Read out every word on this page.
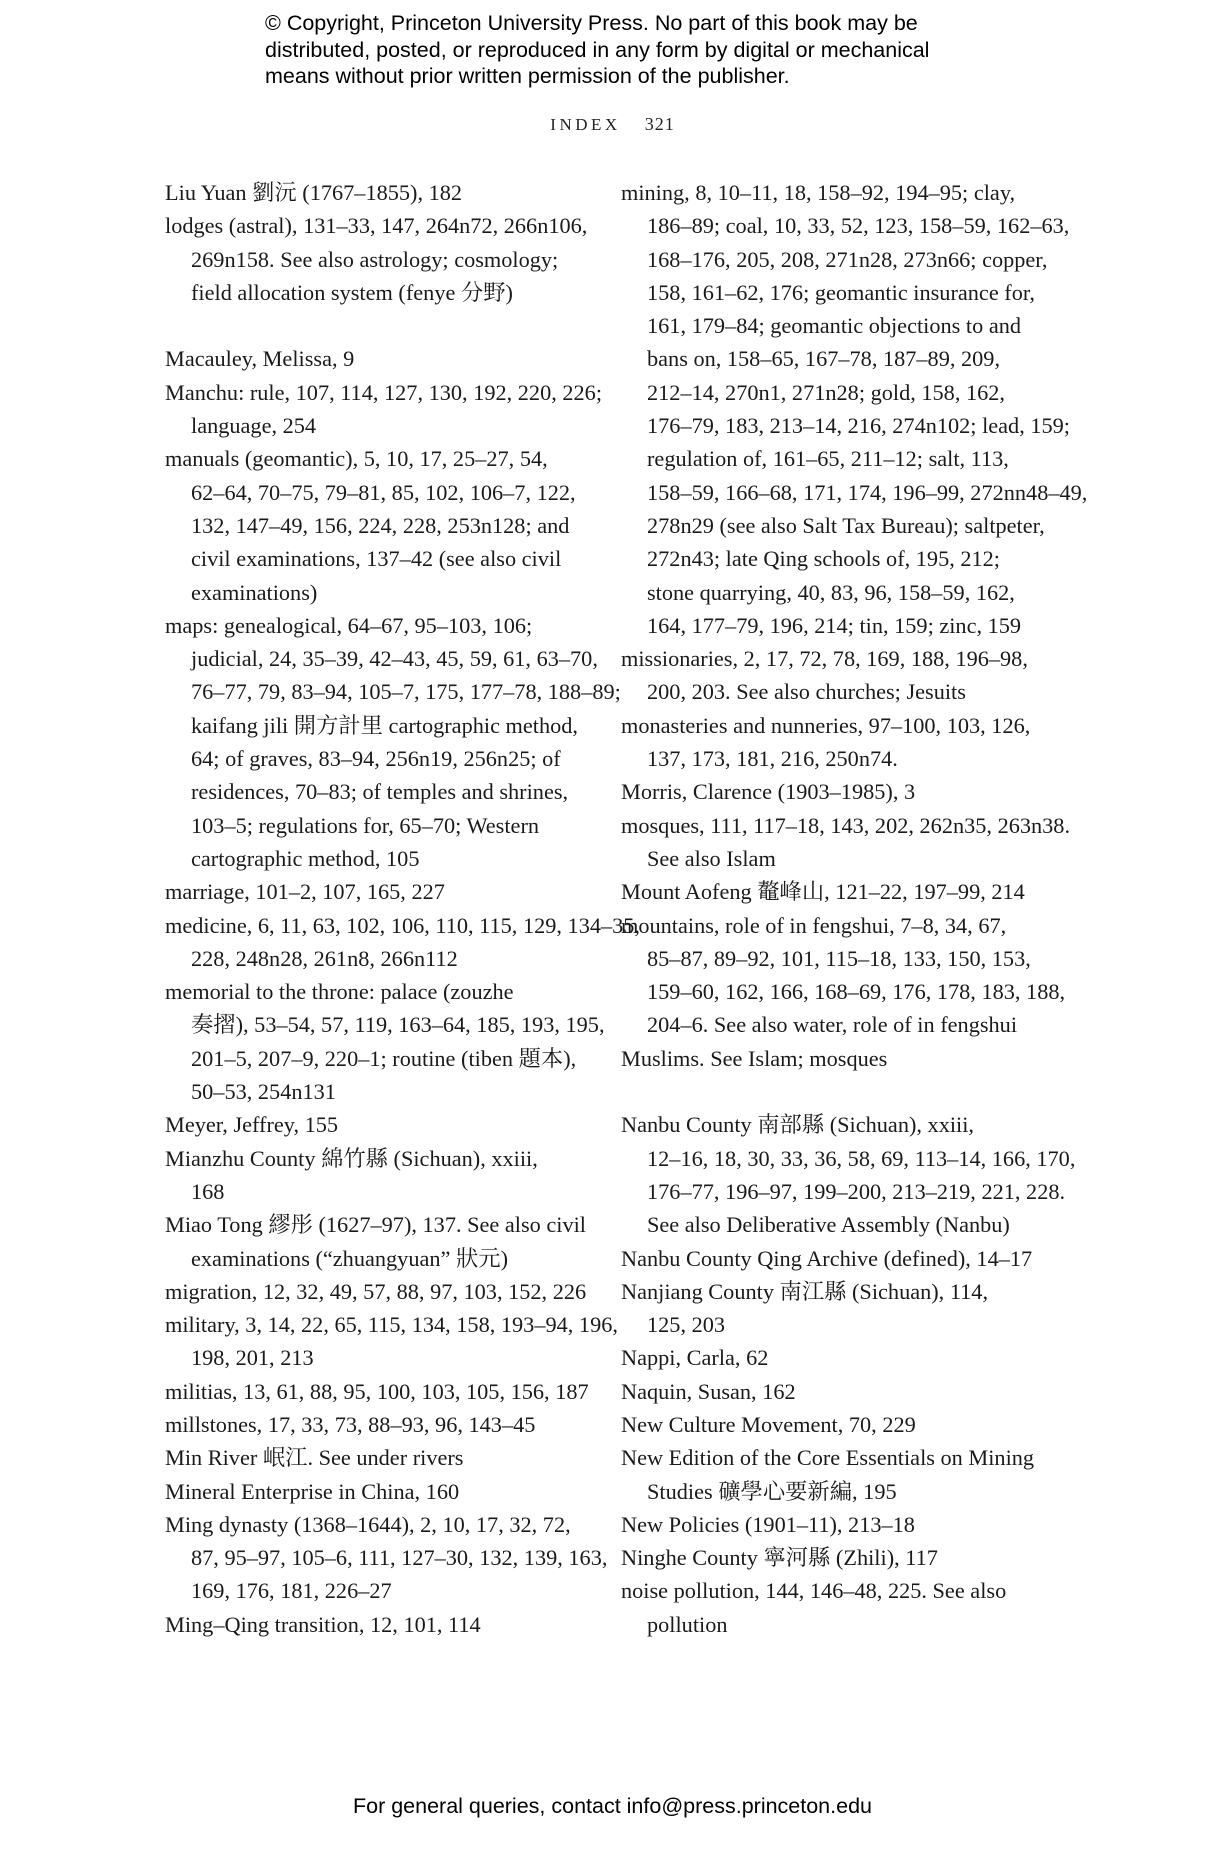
© Copyright, Princeton University Press. No part of this book may be
distributed, posted, or reproduced in any form by digital or mechanical
means without prior written permission of the publisher.
INDEX 321
Liu Yuan 劉沅 (1767–1855), 182
lodges (astral), 131–33, 147, 264n72, 266n106,
269n158. See also astrology; cosmology;
field allocation system (fenye 分野)
Macauley, Melissa, 9
Manchu: rule, 107, 114, 127, 130, 192, 220, 226;
language, 254
manuals (geomantic), 5, 10, 17, 25–27, 54,
62–64, 70–75, 79–81, 85, 102, 106–7, 122,
132, 147–49, 156, 224, 228, 253n128; and
civil examinations, 137–42 (see also civil
examinations)
maps: genealogical, 64–67, 95–103, 106;
judicial, 24, 35–39, 42–43, 45, 59, 61, 63–70,
76–77, 79, 83–94, 105–7, 175, 177–78, 188–89;
kaifang jili 開方計里 cartographic method,
64; of graves, 83–94, 256n19, 256n25; of
residences, 70–83; of temples and shrines,
103–5; regulations for, 65–70; Western
cartographic method, 105
marriage, 101–2, 107, 165, 227
medicine, 6, 11, 63, 102, 106, 110, 115, 129, 134–35,
228, 248n28, 261n8, 266n112
memorial to the throne: palace (zouzhe
奏摺), 53–54, 57, 119, 163–64, 185, 193, 195,
201–5, 207–9, 220–1; routine (tiben 題本),
50–53, 254n131
Meyer, Jeffrey, 155
Mianzhu County 綿竹縣 (Sichuan), xxiii,
168
Miao Tong 繆彤 (1627–97), 137. See also civil
examinations (“zhuangyuan” 狀元)
migration, 12, 32, 49, 57, 88, 97, 103, 152, 226
military, 3, 14, 22, 65, 115, 134, 158, 193–94, 196,
198, 201, 213
militias, 13, 61, 88, 95, 100, 103, 105, 156, 187
millstones, 17, 33, 73, 88–93, 96, 143–45
Min River 岷江. See under rivers
Mineral Enterprise in China, 160
Ming dynasty (1368–1644), 2, 10, 17, 32, 72,
87, 95–97, 105–6, 111, 127–30, 132, 139, 163,
169, 176, 181, 226–27
Ming–Qing transition, 12, 101, 114
mining, 8, 10–11, 18, 158–92, 194–95; clay,
186–89; coal, 10, 33, 52, 123, 158–59, 162–63,
168–176, 205, 208, 271n28, 273n66; copper,
158, 161–62, 176; geomantic insurance for,
161, 179–84; geomantic objections to and
bans on, 158–65, 167–78, 187–89, 209,
212–14, 270n1, 271n28; gold, 158, 162,
176–79, 183, 213–14, 216, 274n102; lead, 159;
regulation of, 161–65, 211–12; salt, 113,
158–59, 166–68, 171, 174, 196–99, 272nn48–49,
278n29 (see also Salt Tax Bureau); saltpeter,
272n43; late Qing schools of, 195, 212;
stone quarrying, 40, 83, 96, 158–59, 162,
164, 177–79, 196, 214; tin, 159; zinc, 159
missionaries, 2, 17, 72, 78, 169, 188, 196–98,
200, 203. See also churches; Jesuits
monasteries and nunneries, 97–100, 103, 126,
137, 173, 181, 216, 250n74.
Morris, Clarence (1903–1985), 3
mosques, 111, 117–18, 143, 202, 262n35, 263n38.
See also Islam
Mount Aofeng 鼇峰山, 121–22, 197–99, 214
mountains, role of in fengshui, 7–8, 34, 67,
85–87, 89–92, 101, 115–18, 133, 150, 153,
159–60, 162, 166, 168–69, 176, 178, 183, 188,
204–6. See also water, role of in fengshui
Muslims. See Islam; mosques
Nanbu County 南部縣 (Sichuan), xxiii,
12–16, 18, 30, 33, 36, 58, 69, 113–14, 166, 170,
176–77, 196–97, 199–200, 213–219, 221, 228.
See also Deliberative Assembly (Nanbu)
Nanbu County Qing Archive (defined), 14–17
Nanjiang County 南江縣 (Sichuan), 114,
125, 203
Nappi, Carla, 62
Naquin, Susan, 162
New Culture Movement, 70, 229
New Edition of the Core Essentials on Mining
Studies 礦學心要新編, 195
New Policies (1901–11), 213–18
Ninghe County 寧河縣 (Zhili), 117
noise pollution, 144, 146–48, 225. See also
pollution
For general queries, contact info@press.princeton.edu
